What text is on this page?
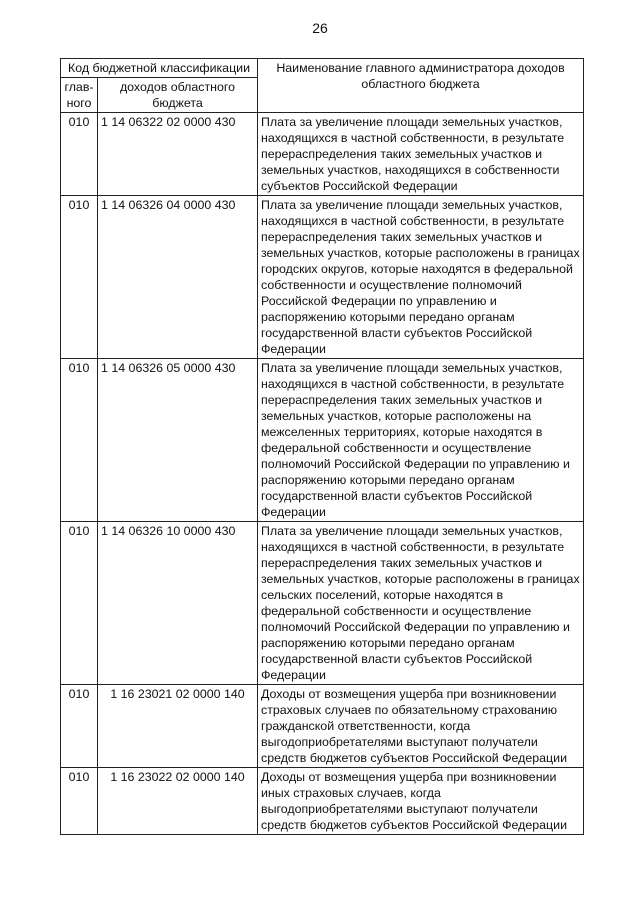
26
Код бюджетной классификации		Наименование главного администратора доходов областного бюджета
глав-
ного	доходов областного бюджета	
010	1 14 06322 02 0000 430	Плата за увеличение площади земельных участков, находящихся в частной собственности, в результате перераспределения таких земельных участков и земельных участков, находящихся в собственности субъектов Российской Федерации
010	1 14 06326 04 0000 430	Плата за увеличение площади земельных участков, находящихся в частной собственности, в результате перераспределения таких земельных участков и земельных участков, которые расположены в границах городских округов, которые находятся в федеральной собственности и осуществление полномочий Российской Федерации по управлению и распоряжению которыми передано органам государственной власти субъектов Российской Федерации
010	1 14 06326 05 0000 430	Плата за увеличение площади земельных участков, находящихся в частной собственности, в результате перераспределения таких земельных участков и земельных участков, которые расположены на межселенных территориях, которые находятся в федеральной собственности и осуществление полномочий Российской Федерации по управлению и распоряжению которыми передано органам государственной власти субъектов Российской Федерации
010	1 14 06326 10 0000 430	Плата за увеличение площади земельных участков, находящихся в частной собственности, в результате перераспределения таких земельных участков и земельных участков, которые расположены в границах сельских поселений, которые находятся в федеральной собственности и осуществление полномочий Российской Федерации по управлению и распоряжению которыми передано органам государственной власти субъектов Российской Федерации
010	1 16 23021 02 0000 140	Доходы от возмещения ущерба при возникновении страховых случаев по обязательному страхованию гражданской ответственности, когда выгодоприобретателями выступают получатели средств бюджетов субъектов Российской Федерации
010	1 16 23022 02 0000 140	Доходы от возмещения ущерба при возникновении иных страховых случаев, когда выгодоприобретателями выступают получатели средств бюджетов субъектов Российской Федерации
